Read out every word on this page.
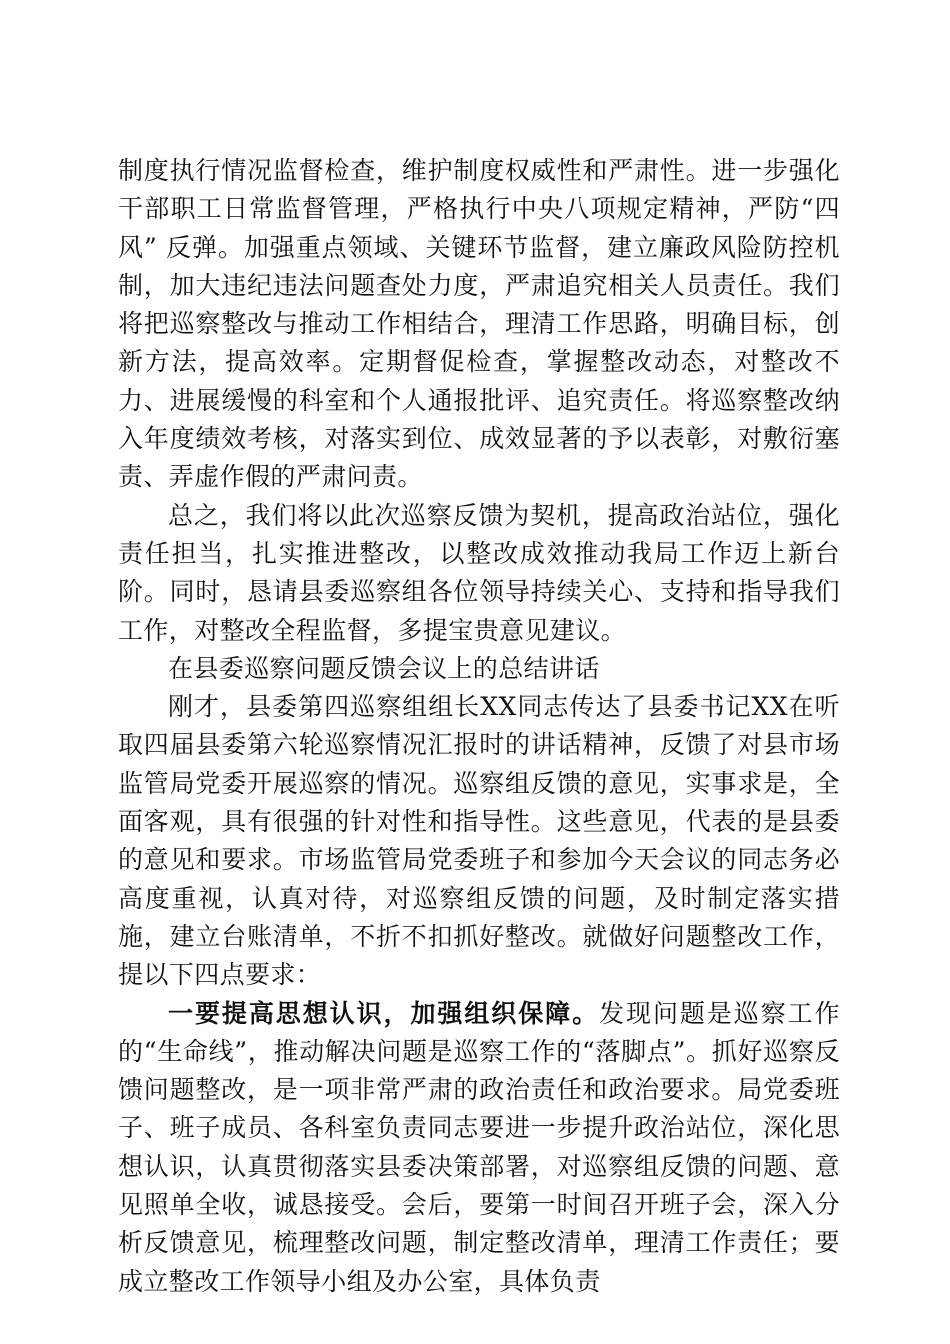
制度执行情况监督检查，维护制度权威性和严肃性。进一步强化干部职工日常监督管理，严格执行中央八项规定精神，严防“四风” 反弹。加强重点领域、关键环节监督，建立廉政风险防控机制，加大违纪违法问题查处力度，严肃追究相关人员责任。我们将把巡察整改与推动工作相结合，理清工作思路，明确目标，创新方法，提高效率。定期督促检查，掌握整改动态，对整改不力、进展缓慢的科室和个人通报批评、追究责任。将巡察整改纳入年度绩效考核，对落实到位、成效显著的予以表彰，对敷衍塞责、弄虚作假的严肃问责。

总之，我们将以此次巡察反馈为契机，提高政治站位，强化责任担当，扎实推进整改，以整改成效推动我局工作迈上新台阶。同时，恳请县委巡察组各位领导持续关心、支持和指导我们工作，对整改全程监督，多提宝贵意见建议。

在县委巡察问题反馈会议上的总结讲话

刚才，县委第四巡察组组长XX同志传达了县委书记XX在听取四届县委第六轮巡察情况汇报时的讲话精神，反馈了对县市场监管局党委开展巡察的情况。巡察组反馈的意见，实事求是，全面客观，具有很强的针对性和指导性。这些意见，代表的是县委的意见和要求。市场监管局党委班子和参加今天会议的同志务必高度重视，认真对待，对巡察组反馈的问题，及时制定落实措施，建立台账清单，不折不扣抓好整改。就做好问题整改工作，提以下四点要求：

一要提高思想认识，加强组织保障。发现问题是巡察工作的“生命线”，推动解决问题是巡察工作的“落脚点”。抓好巡察反馈问题整改，是一项非常严肃的政治责任和政治要求。局党委班子、班子成员、各科室负责同志要进一步提升政治站位，深化思想认识，认真贯彻落实县委决策部署，对巡察组反馈的问题、意见照单全收，诚恳接受。会后，要第一时间召开班子会，深入分析反馈意见，梳理整改问题，制定整改清单，理清工作责任；要成立整改工作领导小组及办公室，具体负责
